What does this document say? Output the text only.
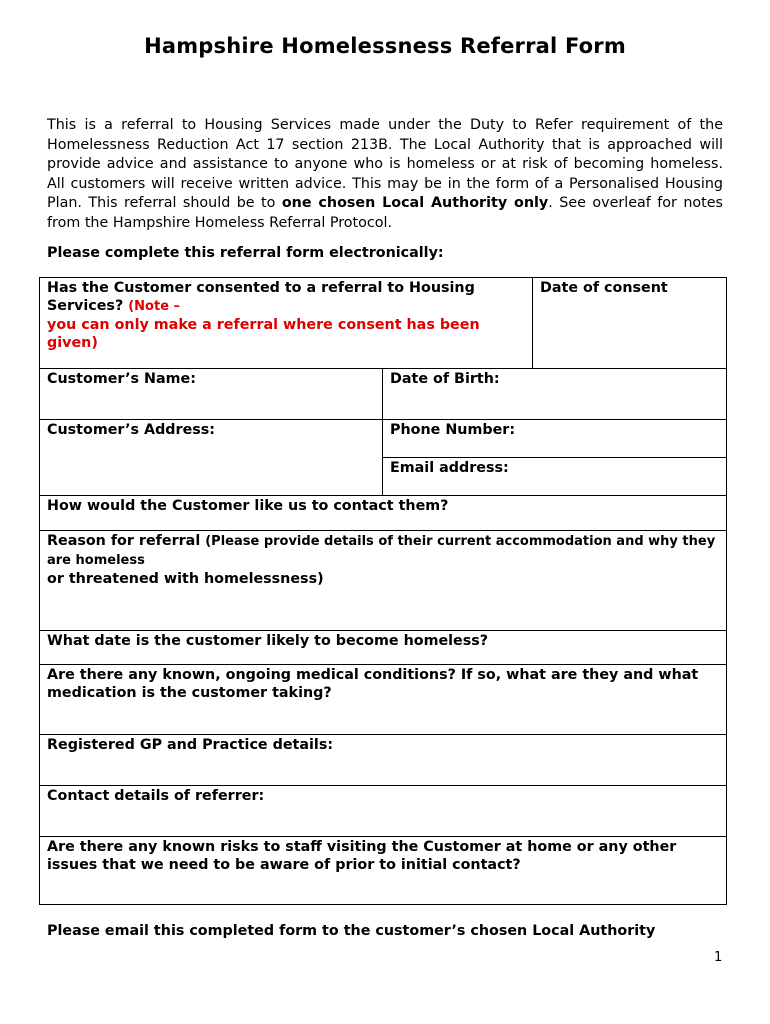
Hampshire Homelessness Referral Form

This is a referral to Housing Services made under the Duty to Refer requirement of the Homelessness Reduction Act 17 section 213B. The Local Authority that is approached will provide advice and assistance to anyone who is homeless or at risk of becoming homeless. All customers will receive written advice. This may be in the form of a Personalised Housing Plan. This referral should be to one chosen Local Authority only. See overleaf for notes from the Hampshire Homeless Referral Protocol.

Please complete this referral form electronically:

Has the Customer consented to a referral to Housing Services? (Note –
you can only make a referral where consent has been given)		Date of consent
Customer’s Name:	Date of Birth:	
Customer’s Address:	Phone Number:	
	Email address:	
How would the Customer like us to contact them?		
Reason for referral (Please provide details of their current accommodation and why they are homeless
or threatened with homelessness)		
What date is the customer likely to become homeless?		
Are there any known, ongoing medical conditions? If so, what are they and what medication is the customer taking?		
Registered GP and Practice details:		
Contact details of referrer:		
Are there any known risks to staff visiting the Customer at home or any other issues that we need to be aware of prior to initial contact?		

Please email this completed form to the customer’s chosen Local Authority

1
